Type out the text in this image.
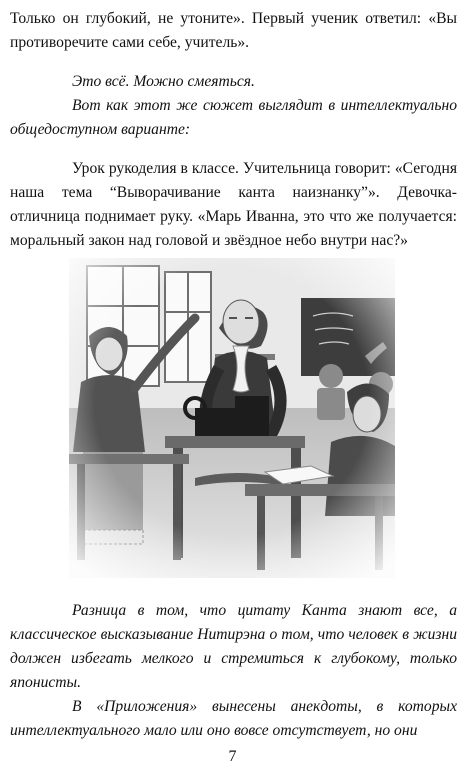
Только он глубокий, не утоните». Первый ученик ответил: «Вы противоречите сами себе, учитель».

Это всё. Можно смеяться.

Вот как этот же сюжет выглядит в интеллектуально общедоступном варианте:

Урок рукоделия в классе. Учительница говорит: «Сегодня наша тема “Выворачивание канта наизнанку”». Девочка-отличница поднимает руку. «Марь Иванна, это что же получается: моральный закон над головой и звёздное небо внутри нас?»

Разница в том, что цитату Канта знают все, а классическое высказывание Нитирэна о том, что человек в жизни должен избегать мелкого и стремиться к глубокому, только японисты.

В «Приложения» вынесены анекдоты, в которых интеллектуального мало или оно вовсе отсутствует, но они

7
